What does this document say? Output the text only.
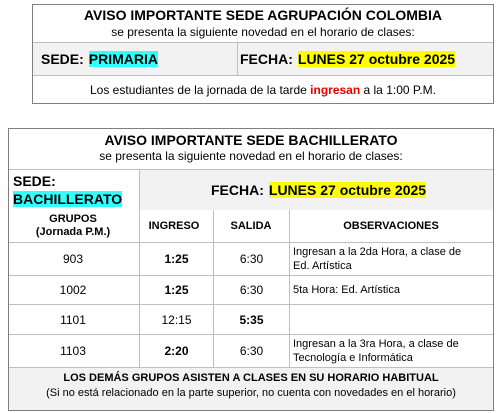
AVISO IMPORTANTE SEDE AGRUPACIÓN COLOMBIA
se presenta la siguiente novedad en el horario de clases:
SEDE: PRIMARIA	FECHA: LUNES 27 octubre 2025
Los estudiantes de la jornada de la tarde ingresan a la 1:00 P.M.
AVISO IMPORTANTE SEDE BACHILLERATO
se presenta la siguiente novedad en el horario de clases:
SEDE:
BACHILLERATO
FECHA: LUNES 27 octubre 2025
GRUPOS
(Jornada P.M.)	INGRESO	SALIDA	OBSERVACIONES
903	1:25	6:30	Ingresan a la 2da Hora, a clase de
Ed. Artística
1002	1:25	6:30	5ta Hora: Ed. Artística
1101	12:15	5:35
1103	2:20	6:30	Ingresan a la 3ra Hora, a clase de
Tecnología e Informática
LOS DEMÁS GRUPOS ASISTEN A CLASES EN SU HORARIO HABITUAL
(Si no está relacionado en la parte superior, no cuenta con novedades en el horario)
